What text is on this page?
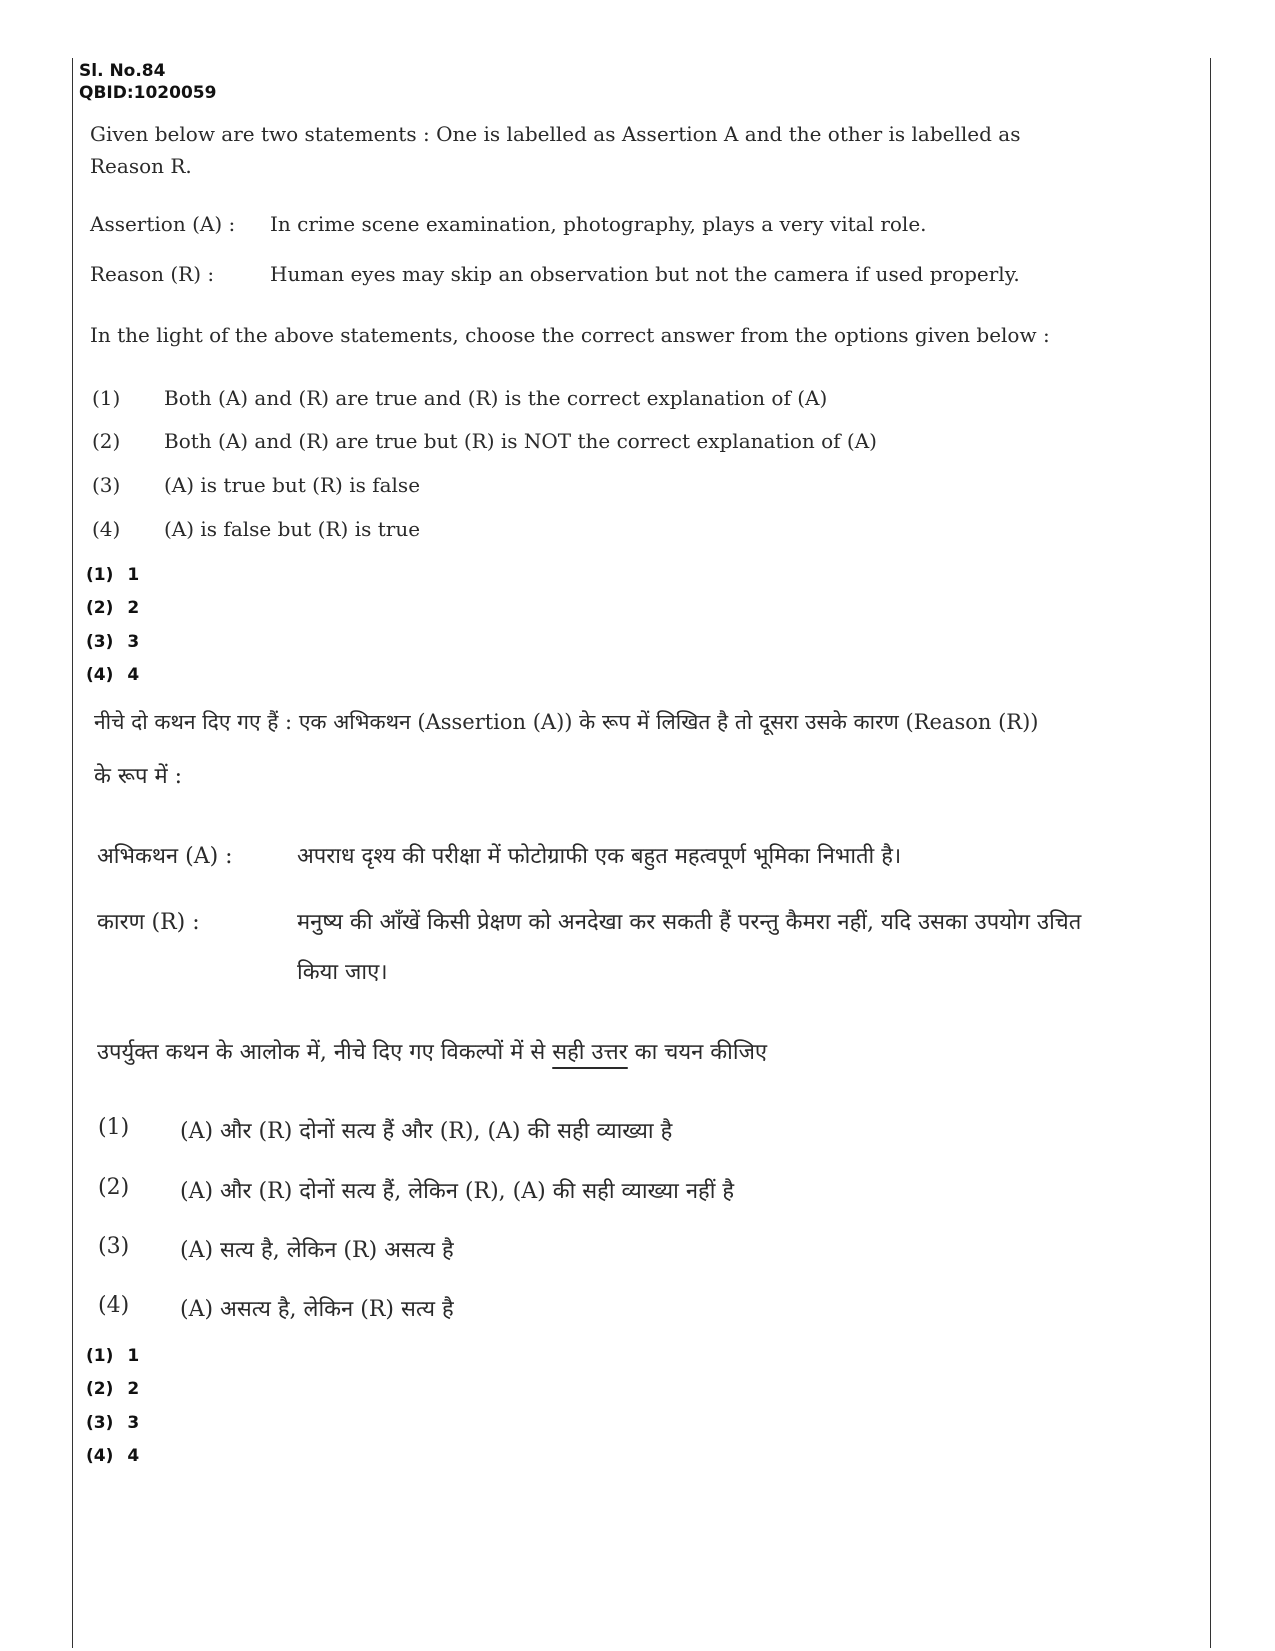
Sl. No.84
QBID:1020059
Given below are two statements : One is labelled as Assertion A and the other is labelled as
Reason R.
Assertion (A) : In crime scene examination, photography, plays a very vital role.
Reason (R) :	Human eyes may skip an observation but not the camera if used properly.
In the light of the above statements, choose the correct answer from the options given below :
(1) Both (A) and (R) are true and (R) is the correct explanation of (A)
(2) Both (A) and (R) are true but (R) is NOT the correct explanation of (A)
(3) (A) is true but (R) is false
(4) (A) is false but (R) is true
(1) 1
(2) 2
(3) 3
(4) 4
नीचे दो कथन दिए गए हैं : एक अभिकथन (Assertion (A)) के रूप में लिखित है तो दूसरा उसके कारण (Reason (R))
के रूप में :
अभिकथन (A) :	अपराध दृश्य की परीक्षा में फोटोग्राफी एक बहुत महत्वपूर्ण भूमिका निभाती है।
कारण (R) :	मनुष्य की आँखें किसी प्रेक्षण को अनदेखा कर सकती हैं परन्तु कैमरा नहीं, यदि उसका उपयोग उचित
किया जाए।
उपर्युक्त कथन के आलोक में, नीचे दिए गए विकल्पों में से सही उत्तर का चयन कीजिए
(1) (A) और (R) दोनों सत्य हैं और (R), (A) की सही व्याख्या है
(2) (A) और (R) दोनों सत्य हैं, लेकिन (R), (A) की सही व्याख्या नहीं है
(3) (A) सत्य है, लेकिन (R) असत्य है
(4) (A) असत्य है, लेकिन (R) सत्य है
(1) 1
(2) 2
(3) 3
(4) 4
